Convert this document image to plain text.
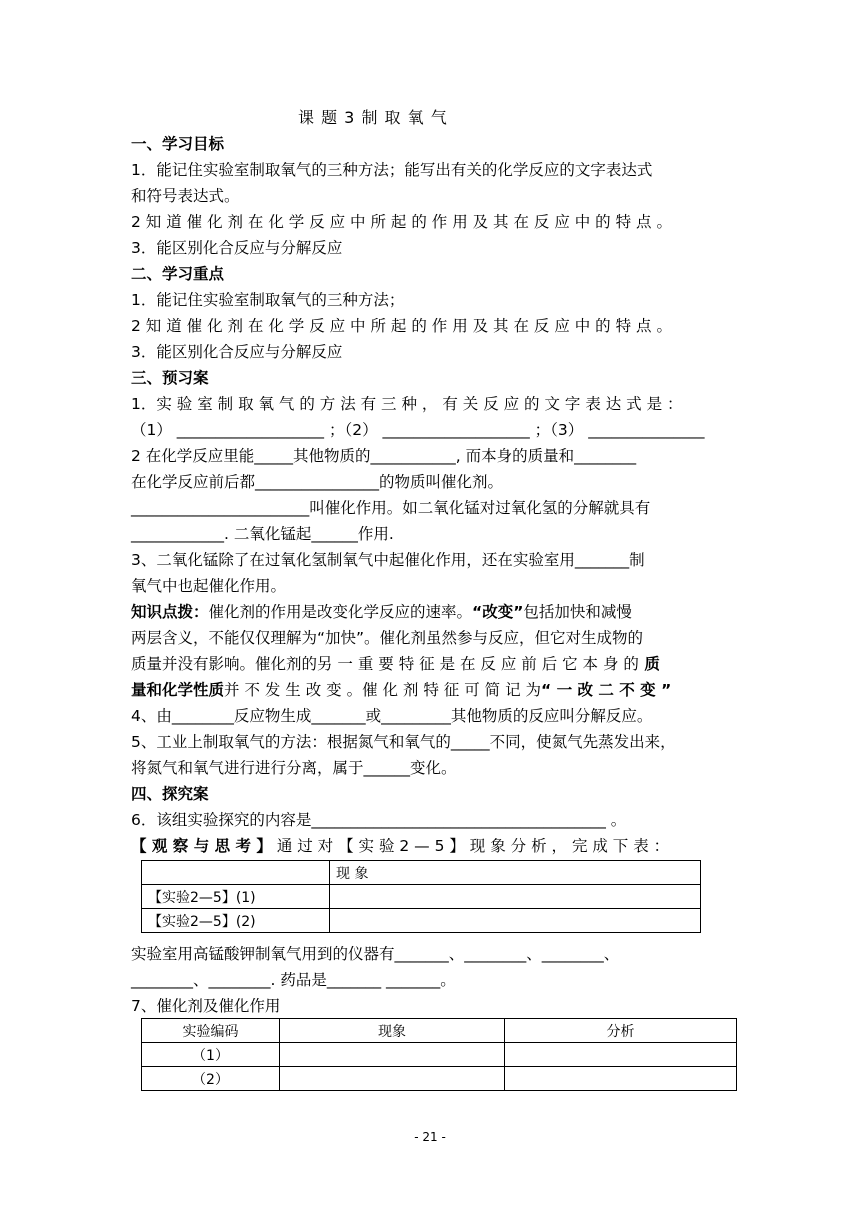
课 题 3 制 取 氧 气
一、学习目标
1．能记住实验室制取氧气的三种方法；能写出有关的化学反应的文字表达式
和符号表达式。
2 知 道 催 化 剂 在 化 学 反 应 中 所 起 的 作 用 及 其 在 反 应 中 的 特 点 。
3．能区别化合反应与分解反应
二、学习重点
1．能记住实验室制取氧气的三种方法；
2 知 道 催 化 剂 在 化 学 反 应 中 所 起 的 作 用 及 其 在 反 应 中 的 特 点 。
3．能区别化合反应与分解反应
三、预习案
1．实 验 室 制 取 氧 气 的 方 法 有 三 种 ， 有 关 反 应 的 文 字 表 达 式 是 ：
（1） ___________________ ；（2） ___________________ ；（3） _______________
2 在化学反应里能_____其他物质的___________, 而本身的质量和________
在化学反应前后都________________的物质叫催化剂。
_______________________叫催化作用。如二氧化锰对过氧化氢的分解就具有
____________. 二氧化锰起______作用.
3、二氧化锰除了在过氧化氢制氧气中起催化作用，还在实验室用_______制
氧气中也起催化作用。
知识点拨：催化剂的作用是改变化学反应的速率。“改变”包括加快和减慢
两层含义，不能仅仅理解为“加快”。催化剂虽然参与反应，但它对生成物的
质量并没有影响。催化剂的另 一 重 要 特 征 是 在 反 应 前 后 它 本 身 的 质
量和化学性质并 不 发 生 改 变 。催 化 剂 特 征 可 简 记 为“ 一 改 二 不 变 ”
4、由________反应物生成_______或_________其他物质的反应叫分解反应。
5、工业上制取氧气的方法：根据氮气和氧气的_____不同，使氮气先蒸发出来，
将氮气和氧气进行进行分离，属于______变化。
四、探究案
6．该组实验探究的内容是______________________________________ 。
【 观 察 与 思 考 】 通 过 对 【 实 验 2 — 5 】 现 象 分 析 ， 完 成 下 表 ：
	现 象
【实验2—5】(1)	
【实验2—5】(2)	
实验室用高锰酸钾制氧气用到的仪器有_______、________、________、
________、________. 药品是_______ _______。
7、催化剂及催化作用
实验编码	现象	分析
（1）		
（2）		
- 21 -
